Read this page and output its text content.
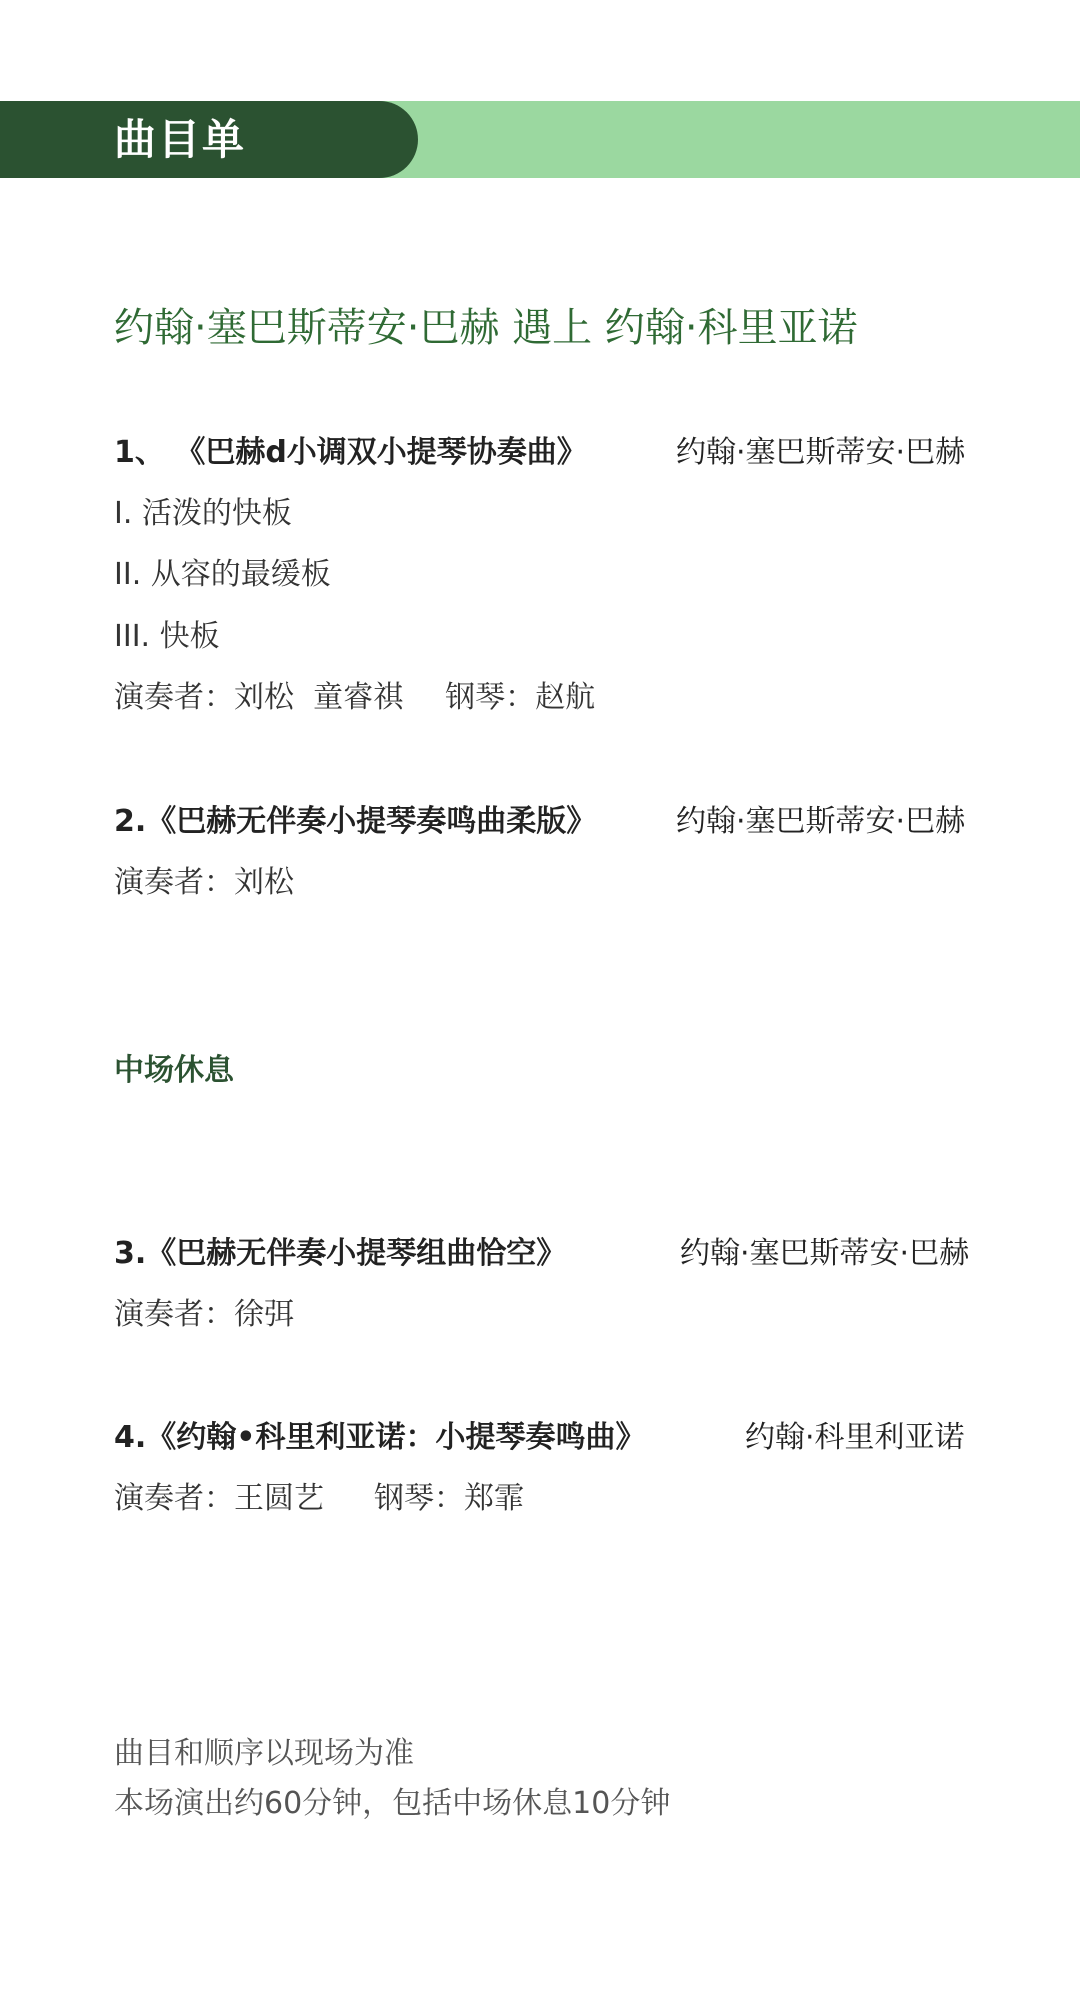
曲目单
约翰·塞巴斯蒂安·巴赫 遇上 约翰·科里亚诺
1、 《巴赫d小调双小提琴协奏曲》	约翰·塞巴斯蒂安·巴赫
I. 活泼的快板
II. 从容的最缓板
III. 快板
演奏者：刘松  童睿祺 钢琴：赵航
2.《巴赫无伴奏小提琴奏鸣曲柔版》	约翰·塞巴斯蒂安·巴赫
演奏者：刘松
中场休息
3.《巴赫无伴奏小提琴组曲恰空》	约翰·塞巴斯蒂安·巴赫
演奏者：徐弭
4.《约翰•科里利亚诺：小提琴奏鸣曲》	约翰·科里利亚诺
演奏者：王圆艺 钢琴：郑霏
曲目和顺序以现场为准
本场演出约60分钟，包括中场休息10分钟
